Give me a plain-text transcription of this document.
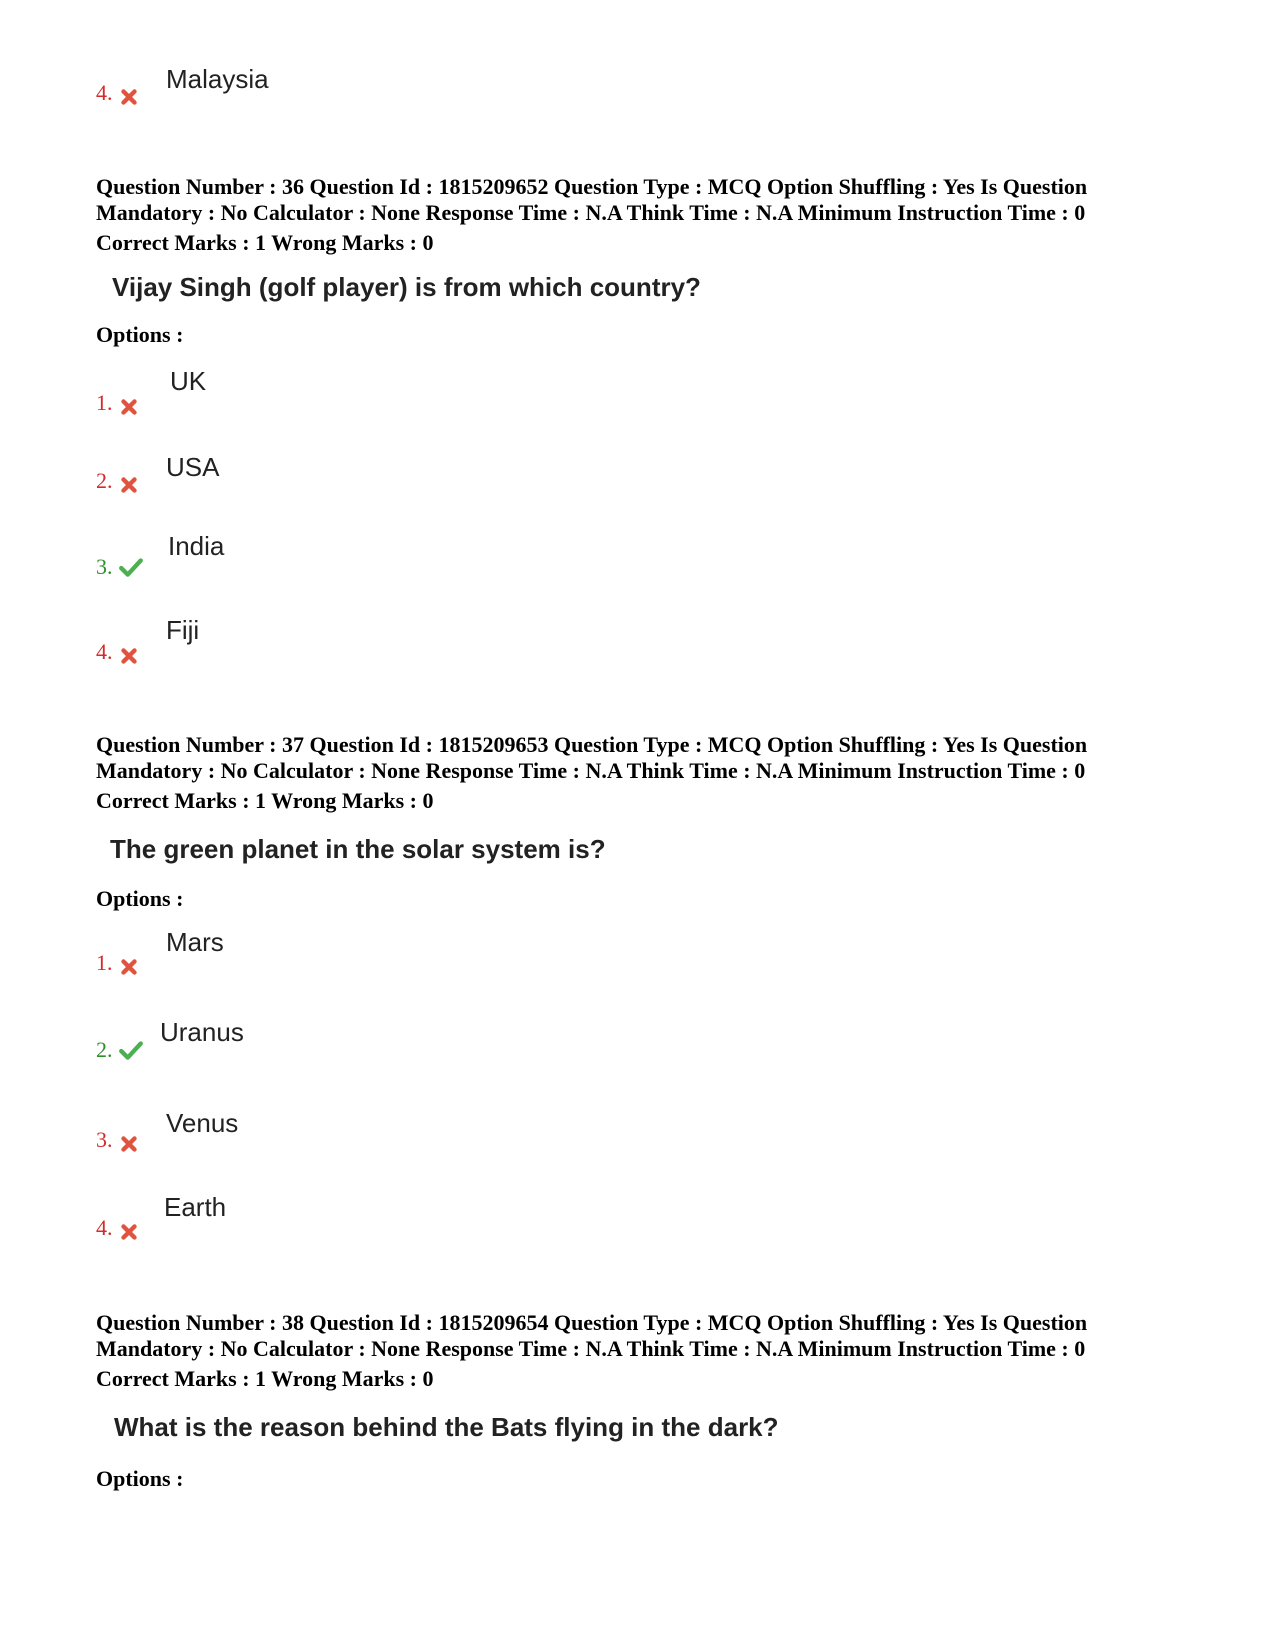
4. Malaysia
Question Number : 36 Question Id : 1815209652 Question Type : MCQ Option Shuffling : Yes Is Question Mandatory : No Calculator : None Response Time : N.A Think Time : N.A Minimum Instruction Time : 0
Correct Marks : 1 Wrong Marks : 0
Vijay Singh (golf player) is from which country?
Options :
1.
UK
2. USA
3.
India
4.
Fiji
Question Number : 37 Question Id : 1815209653 Question Type : MCQ Option Shuffling : Yes Is Question Mandatory : No Calculator : None Response Time : N.A Think Time : N.A Minimum Instruction Time : 0
Correct Marks : 1 Wrong Marks : 0
The green planet in the solar system is?
Options :
1.
Mars
2.
Uranus
3.
Venus
4.
Earth
Question Number : 38 Question Id : 1815209654 Question Type : MCQ Option Shuffling : Yes Is Question Mandatory : No Calculator : None Response Time : N.A Think Time : N.A Minimum Instruction Time : 0
Correct Marks : 1 Wrong Marks : 0
What is the reason behind the Bats flying in the dark?
Options :
